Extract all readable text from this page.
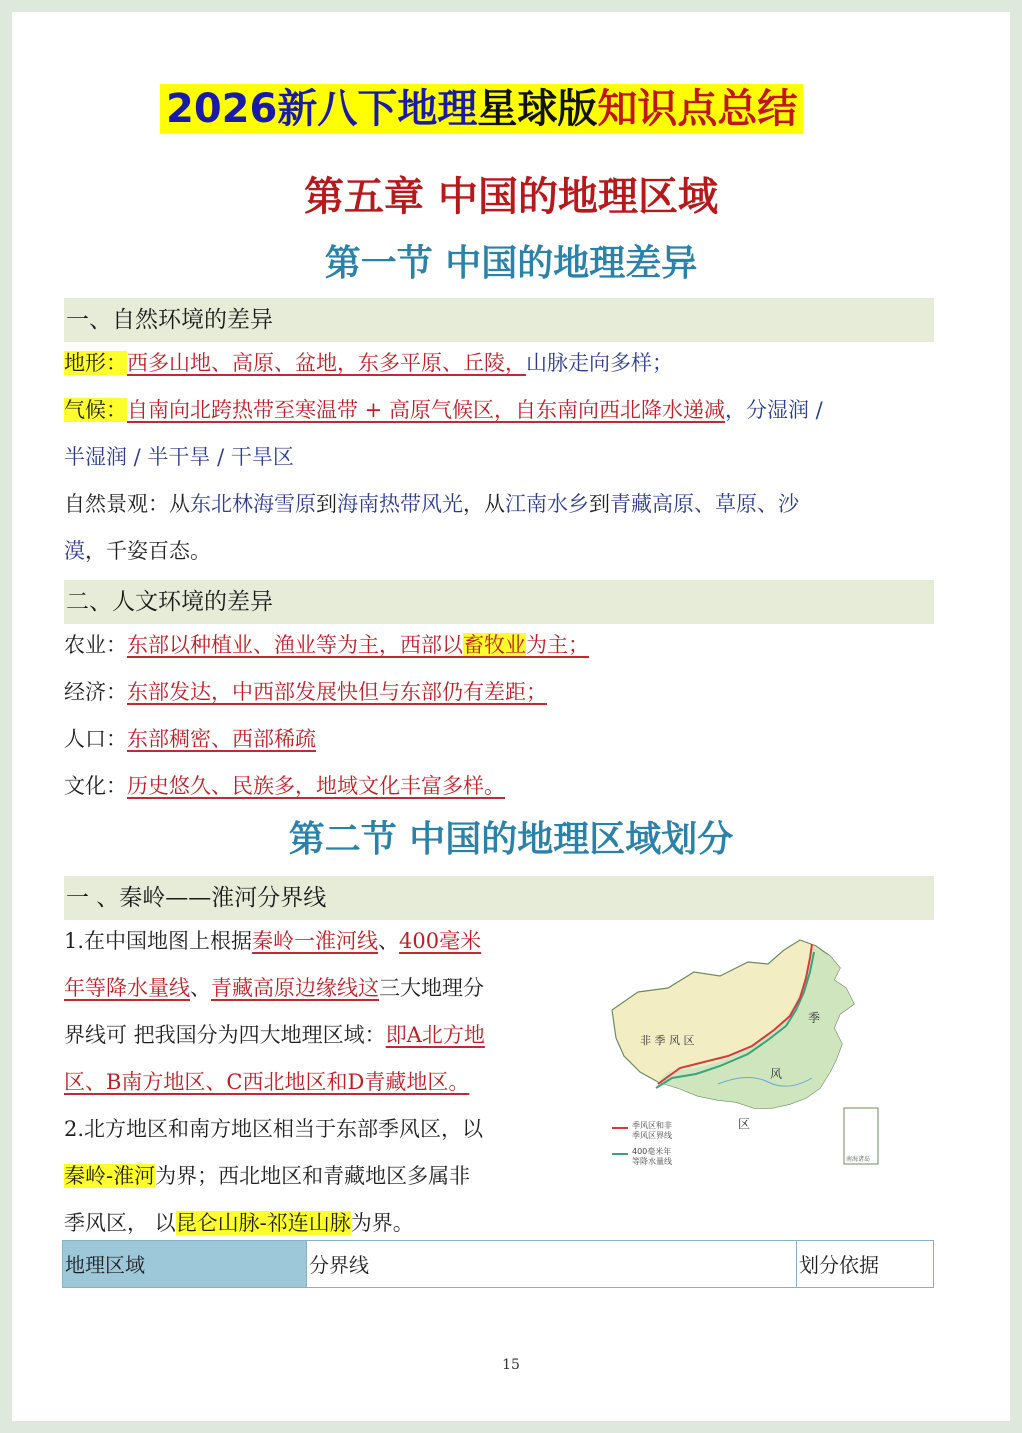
2026新八下地理星球版知识点总结
第五章 中国的地理区域
第一节 中国的地理差异
一、自然环境的差异
地形：西多山地、高原、盆地，东多平原、丘陵，山脉走向多样；
气候：自南向北跨热带至寒温带 + 高原气候区，自东南向西北降水递减，分湿润 /
半湿润 / 半干旱 / 干旱区
自然景观：从东北林海雪原到海南热带风光，从江南水乡到青藏高原、草原、沙
漠，千姿百态。
二、人文环境的差异
农业：东部以种植业、渔业等为主，西部以畜牧业为主；
经济：东部发达，中西部发展快但与东部仍有差距；
人口：东部稠密、西部稀疏
文化：历史悠久、民族多，地域文化丰富多样。
第二节 中国的地理区域划分
一 、秦岭——淮河分界线
1.在中国地图上根据秦岭一淮河线、400毫米
年等降水量线、青藏高原边缘线这三大地理分
界线可 把我国分为四大地理区域：即A北方地
区、B南方地区、C西北地区和D青藏地区。
2.北方地区和南方地区相当于东部季风区，以
秦岭-淮河为界；西北地区和青藏地区多属非
季风区， 以昆仑山脉-祁连山脉为界。
非 季 风 区
季
风
区
南海诸岛
季风区和非
季风区界线
400毫米年
等降水量线
地理区域	分界线	划分依据
15
